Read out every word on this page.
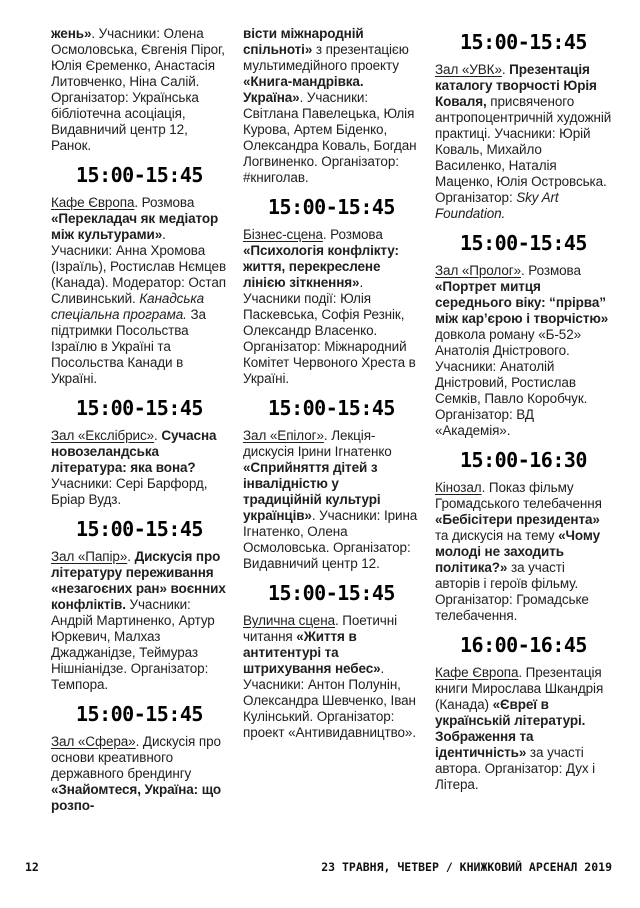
жень». Учасники: Олена Осмоловська, Євгенія Пірог, Юлія Єременко, Анастасія Литовченко, Ніна Салій. Організатор: Українська бібліотечна асоціація, Видавничий центр 12, Ранок.

15:00-15:45

Кафе Європа. Розмова «Перекладач як медіатор між культурами». Учасники: Анна Хромова (Ізраїль), Ростислав Нємцев (Канада). Модератор: Остап Сливинський. Канадська спеціальна програма. За підтримки Посольства Ізраїлю в Україні та Посольства Канади в Україні.

15:00-15:45

Зал «Екслібрис». Сучасна новозеландська література: яка вона? Учасники: Сері Барфорд, Бріар Вудз.

15:00-15:45

Зал «Папір». Дискусія про літературу переживання «незагоєних ран» воєнних конфліктів. Учасники: Андрій Мартиненко, Артур Юркевич, Малхаз Джаджанідзе, Теймураз Нішніанідзе. Організатор: Темпора.

15:00-15:45

Зал «Сфера». Дискусія про основи креативного державного брендингу «Знайомтеся, Україна: що розпо-

вісти міжнародній спільноті» з презентацією мультимедійного проекту «Книга-мандрівка. Україна». Учасники: Світлана Павелецька, Юлія Курова, Артем Біденко, Олександра Коваль, Богдан Логвиненко. Організатор: #книголав.

15:00-15:45

Бізнес-сцена. Розмова «Психологія конфлікту: життя, перекреслене лінією зіткнення». Учасники події: Юлія Паскевська, Софія Резнік, Олександр Власенко. Організатор: Міжнародний Комітет Червоного Хреста в Україні.

15:00-15:45

Зал «Епілог». Лекція-дискусія Ірини Ігнатенко «Сприйняття дітей з інвалідністю у традиційній культурі українців». Учасники: Ірина Ігнатенко, Олена Осмоловська. Організатор: Видавничий центр 12.

15:00-15:45

Вулична сцена. Поетичні читання «Життя в антитентурі та штрихування небес». Учасники: Антон Полунін, Олександра Шевченко, Іван Кулінський. Організатор: проект «Антивидавництво».

15:00-15:45

Зал «УВК». Презентація каталогу творчості Юрія Коваля, присвяченого антропоцентричній художній практиці. Учасники: Юрій Коваль, Михайло Василенко, Наталія Маценко, Юлія Островська. Організатор: Sky Art Foundation.

15:00-15:45

Зал «Пролог». Розмова «Портрет митця середнього віку: “прірва” між кар’єрою і творчістю» довкола роману «Б-52» Анатолія Дністрового. Учасники: Анатолій Дністровий, Ростислав Семків, Павло Коробчук. Організатор: ВД «Академія».

15:00-16:30

Кінозал. Показ фільму Громадського телебачення «Бебісітери президента» та дискусія на тему «Чому молоді не заходить політика?» за участі авторів і героїв фільму. Організатор: Громадське телебачення.

16:00-16:45

Кафе Європа. Презентація книги Мирослава Шкандрія (Канада) «Євреї в українській літературі. Зображення та ідентичність» за участі автора. Організатор: Дух і Літера.

12	23 ТРАВНЯ, ЧЕТВЕР / КНИЖКОВИЙ АРСЕНАЛ 2019
